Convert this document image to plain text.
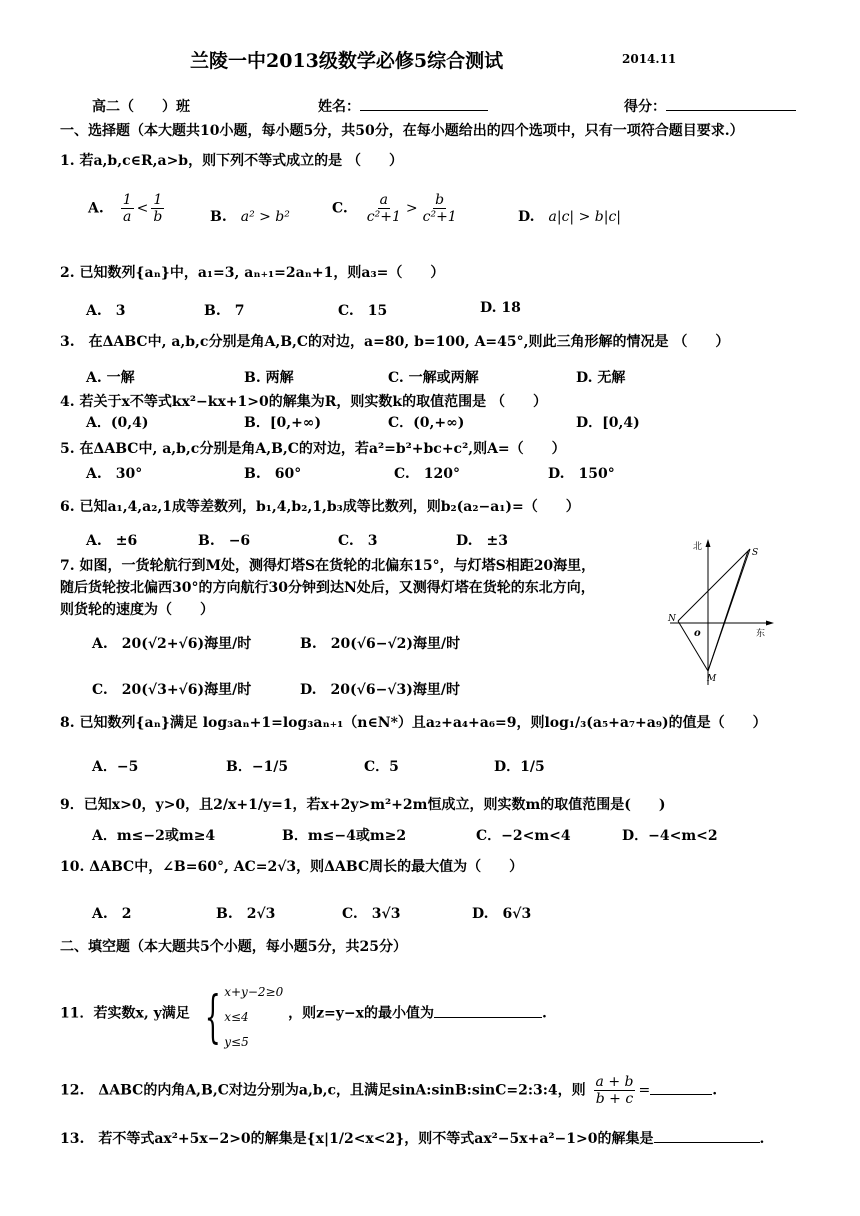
兰陵一中2013级数学必修5综合测试	2014.11
高二（　　）班	姓名：	得分：
一、选择题（本大题共10小题，每小题5分，共50分，在每小题给出的四个选项中，只有一项符合题目要求.）
1. 若a,b,c∈R,a>b，则下列不等式成立的是 （　　）
A.　 $\frac{1}{a} < \frac{1}{b}$	B.　a² > b²
C.　 $\frac{a}{\text{c²+1}} > \frac{b}{\text{c²+1}}$	D.　a|c| > b|c|
2. 已知数列{aₙ}中，a₁=3, aₙ₊₁=2aₙ+1，则a₃=（　　）
A.　3	B.　7	C.　15	D. 18
3.　在ΔABC中, a,b,c分别是角A,B,C的对边，a=80, b=100, A=45°,则此三角形解的情况是 （　　）
A. 一解	B. 两解	C. 一解或两解	D. 无解
4. 若关于x不等式kx²−kx+1>0的解集为R，则实数k的取值范围是 （　　）
A．(0,4)	B．[0,+∞)	C．(0,+∞)	D．[0,4)
5. 在ΔABC中, a,b,c分别是角A,B,C的对边，若a²=b²+bc+c²,则A=（　　）
A.　30°	B.　60°	C.　120°	D.　150°
6. 已知a₁,4,a₂,1成等差数列，b₁,4,b₂,1,b₃成等比数列，则b₂(a₂−a₁)=（　　）
A.　±6	B.　−6	C.　3	D.　±3
7. 如图，一货轮航行到M处，测得灯塔S在货轮的北偏东15°，与灯塔S相距20海里，
随后货轮按北偏西30°的方向航行30分钟到达N处后，又测得灯塔在货轮的东北方向，
则货轮的速度为（　　）
A.　20(√2+√6)海里/时	B.　20(√6−√2)海里/时
C.　20(√3+√6)海里/时	D.　20(√6−√3)海里/时
北
东
S
N
o
M
8. 已知数列{aₙ}满足 log₃aₙ+1=log₃aₙ₊₁（n∈N*）且a₂+a₄+a₆=9，则log₁/₃(a₅+a₇+a₉)的值是（　　）
A．−5	B．−1/5	C．5	D．1/5
9．已知x>0，y>0，且2/x+1/y=1，若x+2y>m²+2m恒成立，则实数m的取值范围是(　　)
A．m≤−2或m≥4	B．m≤−4或m≥2	C．−2<m<4	D．−4<m<2
10. ΔABC中，∠B=60°, AC=2√3，则ΔABC周长的最大值为（　　）
A.　2	B.　2√3	C.　3√3	D.　6√3
二、填空题（本大题共5个小题，每小题5分，共25分）
11．若实数x, y满足 { x+y−2≥0
x≤4
y≤5
，则z=y−x的最小值为	.
12.　ΔABC的内角A,B,C对边分别为a,b,c，且满足sinA:sinB:sinC=2:3:4，则 $\frac{a + b}{b + c}$ =	.
13.　若不等式ax²+5x−2>0的解集是{x|1/2<x<2}，则不等式ax²−5x+a²−1>0的解集是	.
